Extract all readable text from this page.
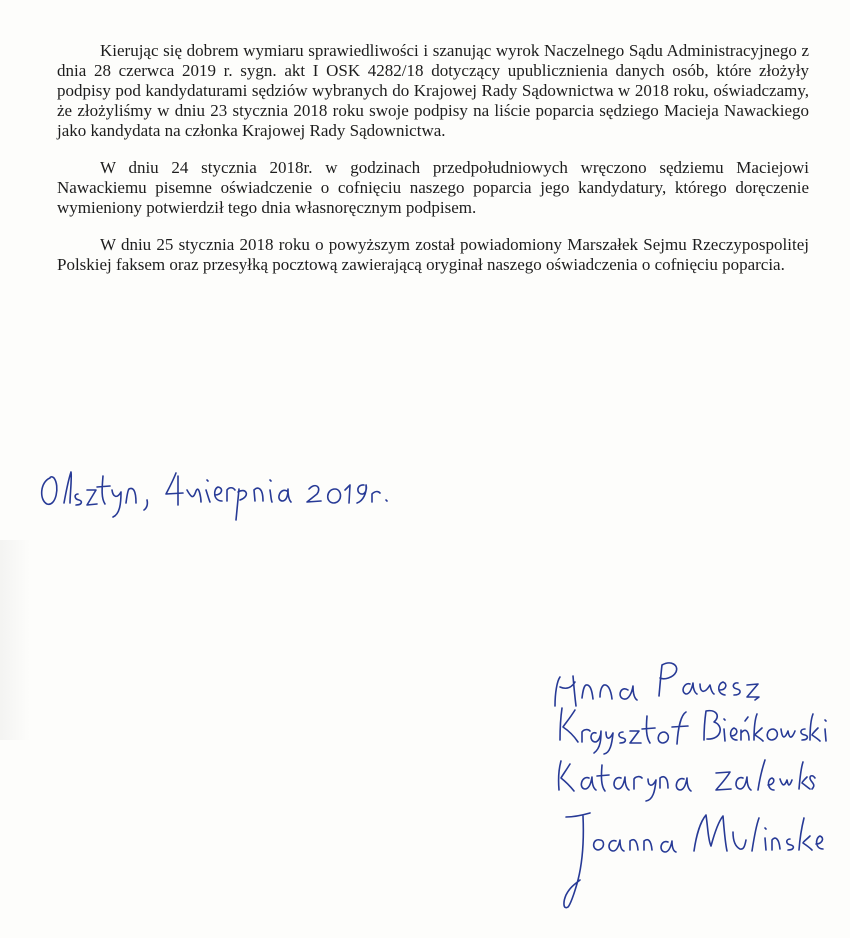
Kierując się dobrem wymiaru sprawiedliwości i szanując wyrok Naczelnego Sądu Administracyjnego z dnia 28 czerwca 2019 r. sygn. akt I OSK 4282/18 dotyczący upublicznienia danych osób, które złożyły podpisy pod kandydaturami sędziów wybranych do Krajowej Rady Sądownictwa w 2018 roku, oświadczamy, że złożyliśmy w dniu 23 stycznia 2018 roku swoje podpisy na liście poparcia sędziego Macieja Nawackiego jako kandydata na członka Krajowej Rady Sądownictwa.

W dniu 24 stycznia 2018r. w godzinach przedpołudniowych wręczono sędziemu Maciejowi Nawackiemu pisemne oświadczenie o cofnięciu naszego poparcia jego kandydatury, którego doręczenie wymieniony potwierdził tego dnia własnoręcznym podpisem.

W dniu 25 stycznia 2018 roku o powyższym został powiadomiony Marszałek Sejmu Rzeczypospolitej Polskiej faksem oraz przesyłką pocztową zawierającą oryginał naszego oświadczenia o cofnięciu poparcia.
